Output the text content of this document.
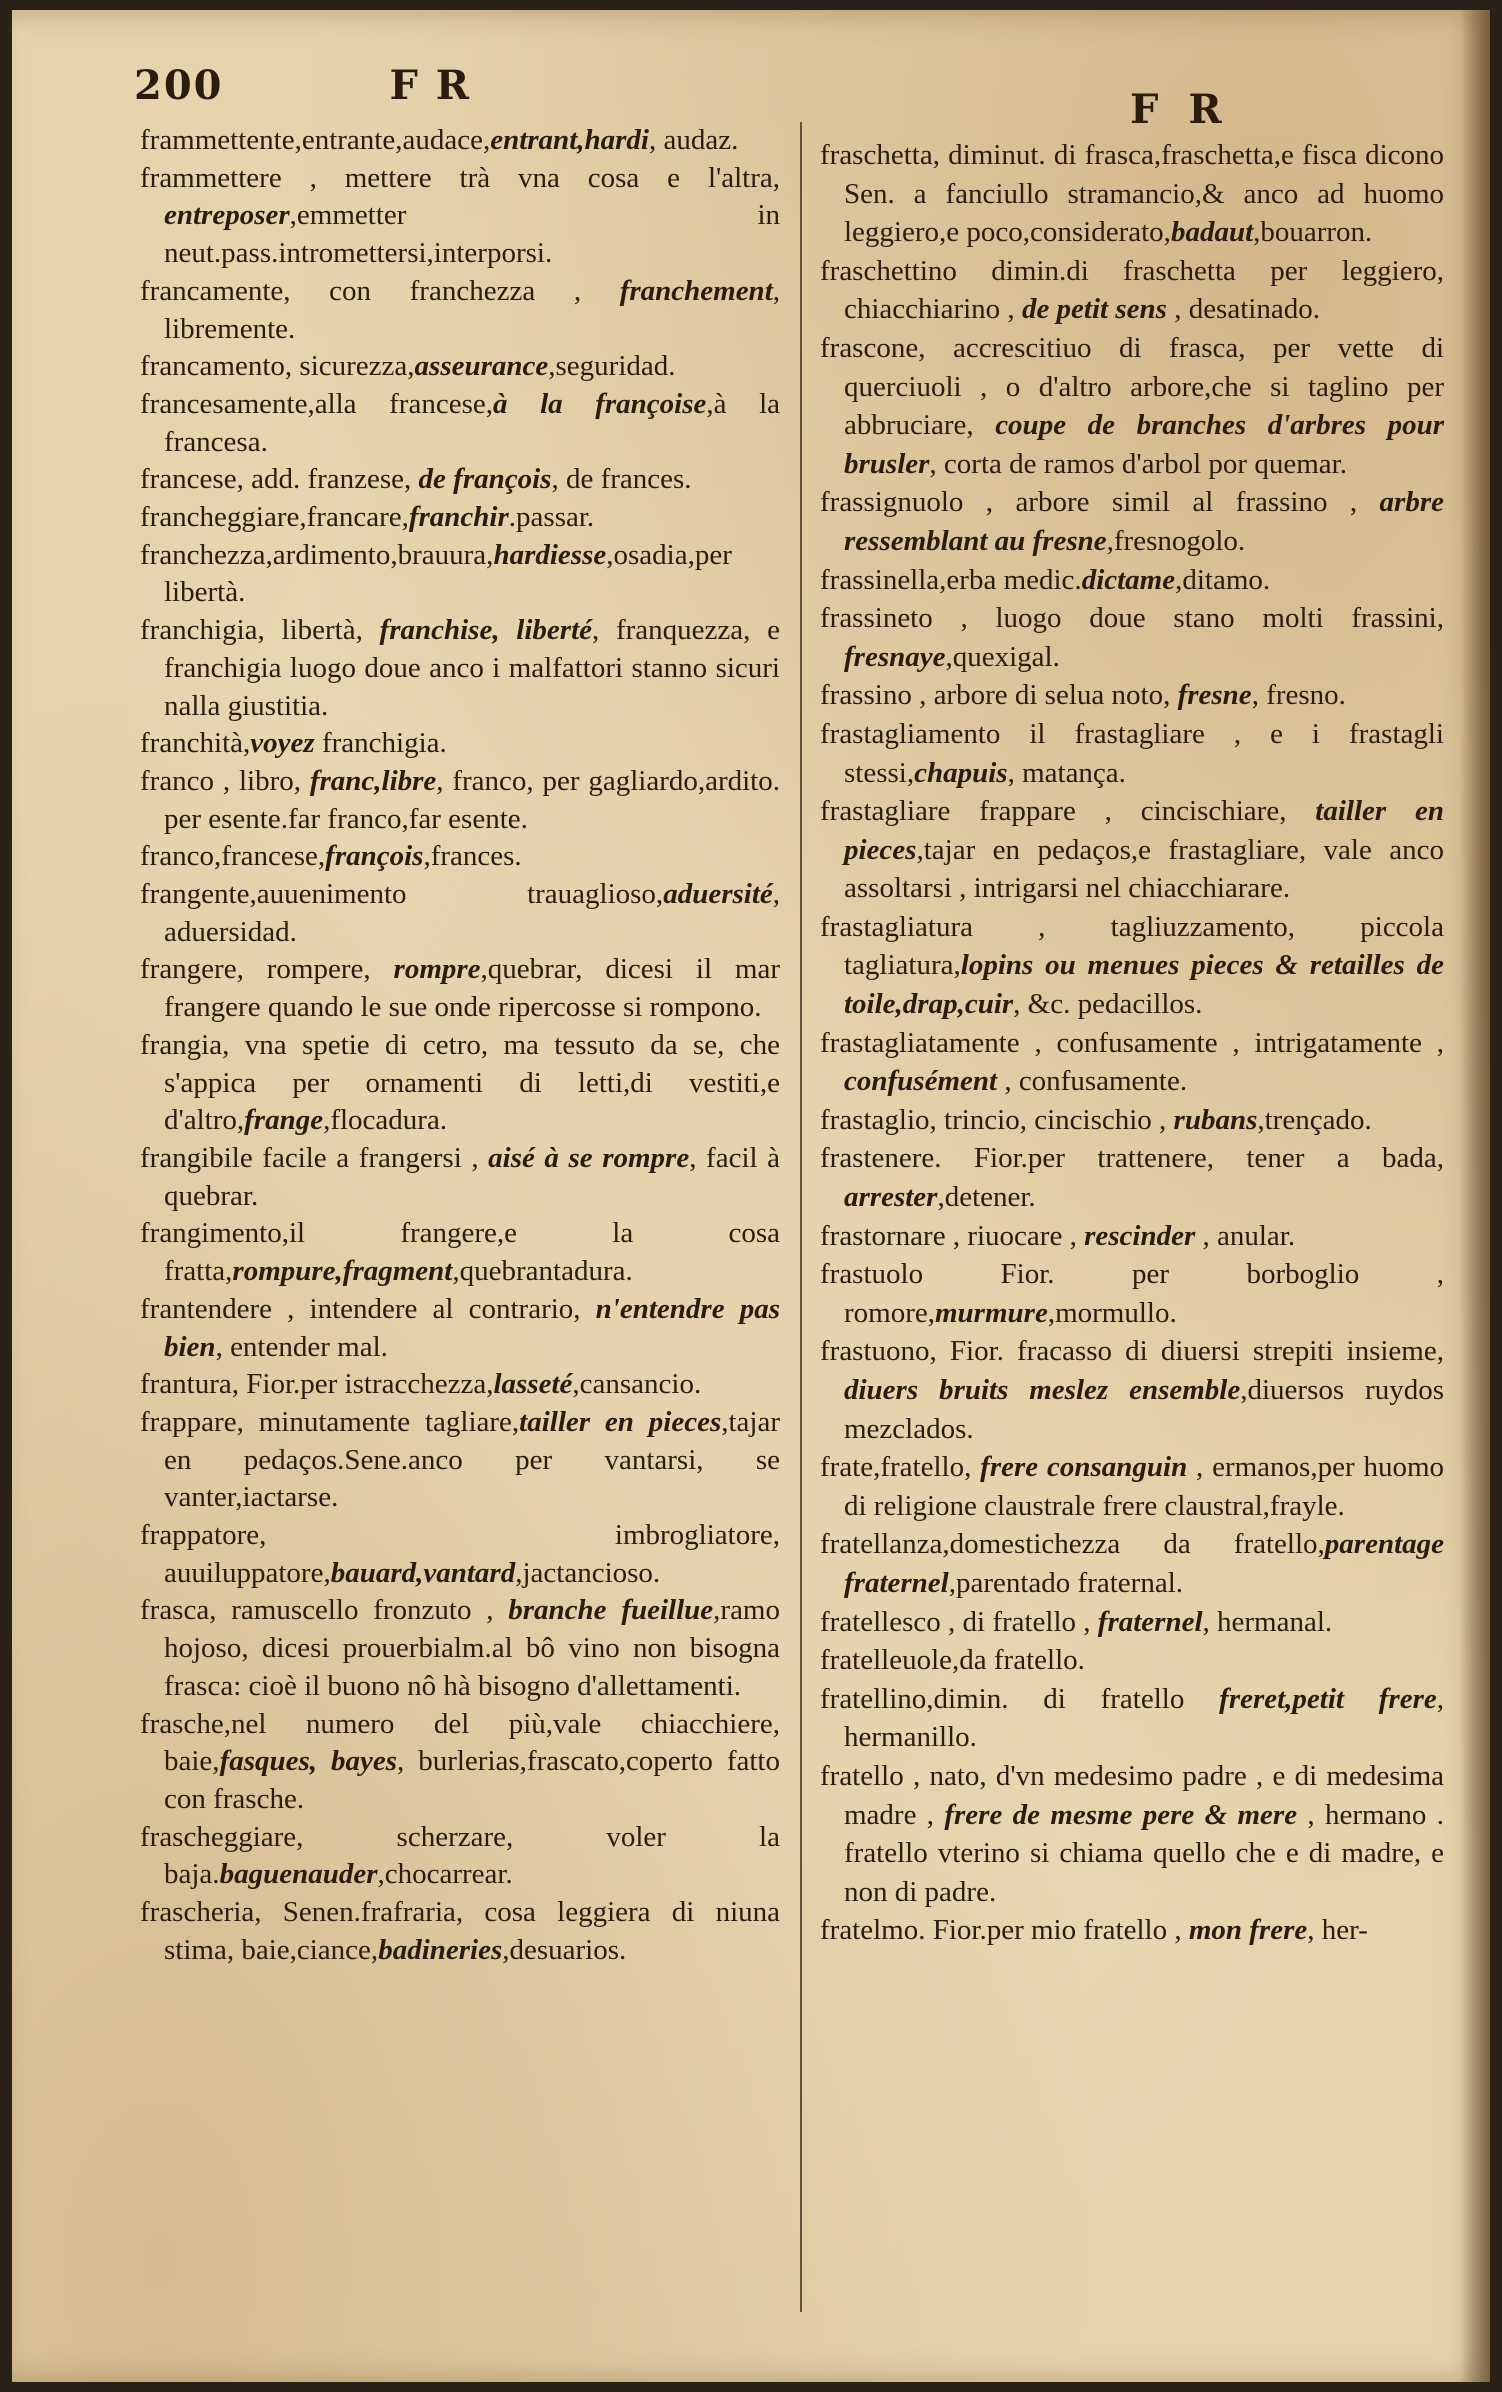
200	F R
F R

frammettente,entrante,audace,entrant,hardi, audaz.

frammettere , mettere trà vna cosa e l'altra, entreposer,emmetter in neut.pass.intromettersi,interporsi.

francamente, con franchezza , franchement, libremente.

francamento, sicurezza,asseurance,seguridad.

francesamente,alla francese,à la françoise,à la francesa.

francese, add. franzese, de françois, de frances.

francheggiare,francare,franchir.passar.

franchezza,ardimento,brauura,hardiesse,osadia,per libertà.

franchigia, libertà, franchise, liberté, franquezza, e franchigia luogo doue anco i malfattori stanno sicuri nalla giustitia.

franchità,voyez franchigia.

franco , libro, franc,libre, franco, per gagliardo,ardito. per esente.far franco,far esente.

franco,francese,françois,frances.

frangente,auuenimento trauaglioso,aduersité, aduersidad.

frangere, rompere, rompre,quebrar, dicesi il mar frangere quando le sue onde ripercosse si rompono.

frangia, vna spetie di cetro, ma tessuto da se, che s'appica per ornamenti di letti,di vestiti,e d'altro,frange,flocadura.

frangibile facile a frangersi , aisé à se rompre, facil à quebrar.

frangimento,il frangere,e la cosa fratta,rompure,fragment,quebrantadura.

frantendere , intendere al contrario, n'entendre pas bien, entender mal.

frantura, Fior.per istracchezza,lasseté,cansancio.

frappare, minutamente tagliare,tailler en pieces,tajar en pedaços.Sene.anco per vantarsi, se vanter,iactarse.

frappatore, imbrogliatore, auuiluppatore,bauard,vantard,jactancioso.

frasca, ramuscello fronzuto , branche fueillue,ramo hojoso, dicesi prouerbialm.al bô vino non bisogna frasca: cioè il buono nô hà bisogno d'allettamenti.

frasche,nel numero del più,vale chiacchiere, baie,fasques, bayes, burlerias,frascato,coperto fatto con frasche.

frascheggiare, scherzare, voler la baja.baguenauder,chocarrear.

frascheria, Senen.frafraria, cosa leggiera di niuna stima, baie,ciance,badineries,desuarios.

fraschetta, diminut. di frasca,fraschetta,e fisca dicono Sen. a fanciullo stramancio,& anco ad huomo leggiero,e poco,considerato,badaut,bouarron.

fraschettino dimin.di fraschetta per leggiero, chiacchiarino , de petit sens , desatinado.

frascone, accrescitiuo di frasca, per vette di querciuoli , o d'altro arbore,che si taglino per abbruciare, coupe de branches d'arbres pour brusler, corta de ramos d'arbol por quemar.

frassignuolo , arbore simil al frassino , arbre ressemblant au fresne,fresnogolo.

frassinella,erba medic.dictame,ditamo.

frassineto , luogo doue stano molti frassini, fresnaye,quexigal.

frassino , arbore di selua noto, fresne, fresno.

frastagliamento il frastagliare , e i frastagli stessi,chapuis, matança.

frastagliare frappare , cincischiare, tailler en pieces,tajar en pedaços,e frastagliare, vale anco assoltarsi , intrigarsi nel chiacchiarare.

frastagliatura , tagliuzzamento, piccola tagliatura,lopins ou menues pieces & retailles de toile,drap,cuir, &c. pedacillos.

frastagliatamente , confusamente , intrigatamente , confusément , confusamente.

frastaglio, trincio, cincischio , rubans,trençado.

frastenere. Fior.per trattenere, tener a bada, arrester,detener.

frastornare , riuocare , rescinder , anular.

frastuolo Fior. per borboglio , romore,murmure,mormullo.

frastuono, Fior. fracasso di diuersi strepiti insieme, diuers bruits meslez ensemble,diuersos ruydos mezclados.

frate,fratello, frere consanguin , ermanos,per huomo di religione claustrale frere claustral,frayle.

fratellanza,domestichezza da fratello,parentage fraternel,parentado fraternal.

fratellesco , di fratello , fraternel, hermanal.

fratelleuole,da fratello.

fratellino,dimin. di fratello freret,petit frere, hermanillo.

fratello , nato, d'vn medesimo padre , e di medesima madre , frere de mesme pere & mere , hermano . fratello vterino si chiama quello che e di madre, e non di padre.

fratelmo. Fior.per mio fratello , mon frere, her-
